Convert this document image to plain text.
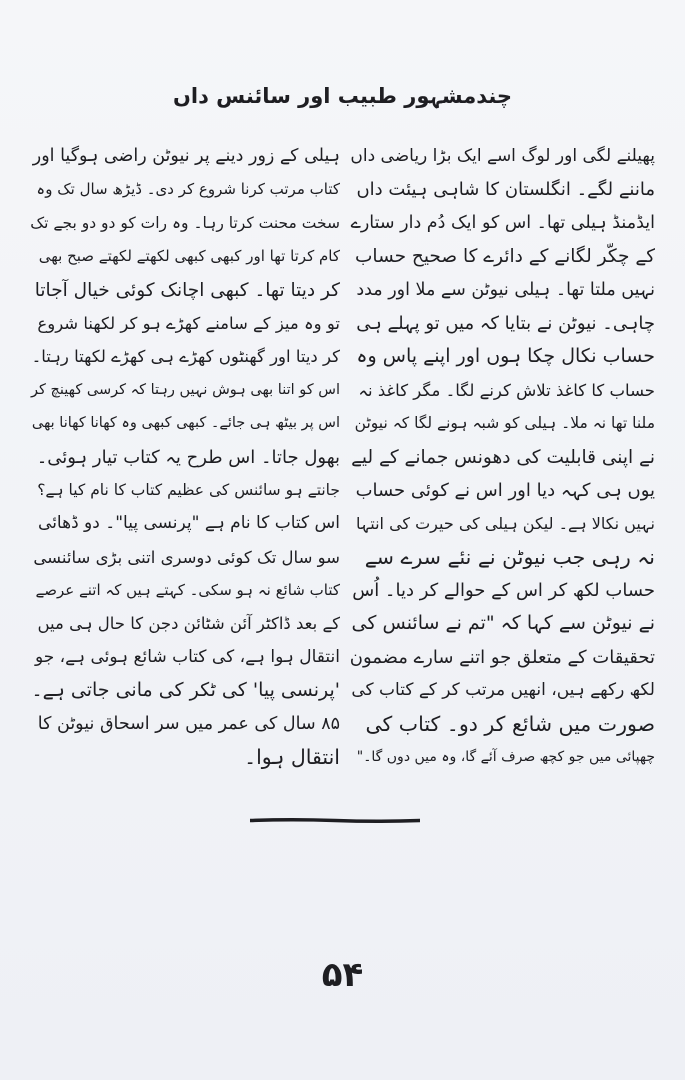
چندمشہور طبیب اور سائنس داں
پھیلنے لگی اور لوگ اسے ایک بڑا ریاضی داں
ماننے لگے۔ انگلستان کا شاہی ہیئت داں
ایڈمنڈ ہیلی تھا۔ اس کو ایک دُم دار ستارے
کے چکّر لگانے کے دائرے کا صحیح حساب
نہیں ملتا تھا۔ ہیلی نیوٹن سے ملا اور مدد
چاہی۔ نیوٹن نے بتایا کہ میں تو پہلے ہی
حساب نکال چکا ہوں اور اپنے پاس وہ
حساب کا کاغذ تلاش کرنے لگا۔ مگر کاغذ نہ
ملنا تھا نہ ملا۔ ہیلی کو شبہ ہونے لگا کہ نیوٹن
نے اپنی قابلیت کی دھونس جمانے کے لیے
یوں ہی کہہ دیا اور اس نے کوئی حساب
نہیں نکالا ہے۔ لیکن ہیلی کی حیرت کی انتہا
نہ رہی جب نیوٹن نے نئے سرے سے
حساب لکھ کر اس کے حوالے کر دیا۔ اُس
نے نیوٹن سے کہا کہ "تم نے سائنس کی
تحقیقات کے متعلق جو اتنے سارے مضمون
لکھ رکھے ہیں، انھیں مرتب کر کے کتاب کی
صورت میں شائع کر دو۔ کتاب کی
چھپائی میں جو کچھ صرف آئے گا، وہ میں دوں گا۔"
ہیلی کے زور دینے پر نیوٹن راضی ہوگیا اور
کتاب مرتب کرنا شروع کر دی۔ ڈیڑھ سال تک وہ
سخت محنت کرتا رہا۔ وہ رات کو دو دو بجے تک
کام کرتا تھا اور کبھی کبھی لکھتے لکھتے صبح بھی
کر دیتا تھا۔ کبھی اچانک کوئی خیال آجاتا
تو وہ میز کے سامنے کھڑے ہو کر لکھنا شروع
کر دیتا اور گھنٹوں کھڑے ہی کھڑے لکھتا رہتا۔
اس کو اتنا بھی ہوش نہیں رہتا کہ کرسی کھینچ کر
اس پر بیٹھ ہی جائے۔ کبھی کبھی وہ کھانا کھانا بھی
بھول جاتا۔ اس طرح یہ کتاب تیار ہوئی۔
جانتے ہو سائنس کی عظیم کتاب کا نام کیا ہے؟
اس کتاب کا نام ہے "پرنسی پیا"۔ دو ڈھائی
سو سال تک کوئی دوسری اتنی بڑی سائنسی
کتاب شائع نہ ہو سکی۔ کہتے ہیں کہ اتنے عرصے
کے بعد ڈاکٹر آئن شٹائن دجن کا حال ہی میں
انتقال ہوا ہے، کی کتاب شائع ہوئی ہے، جو
'پرنسی پیا' کی ٹکر کی مانی جاتی ہے۔
۸۵ سال کی عمر میں سر اسحاق نیوٹن کا
انتقال ہوا۔
۵۴
